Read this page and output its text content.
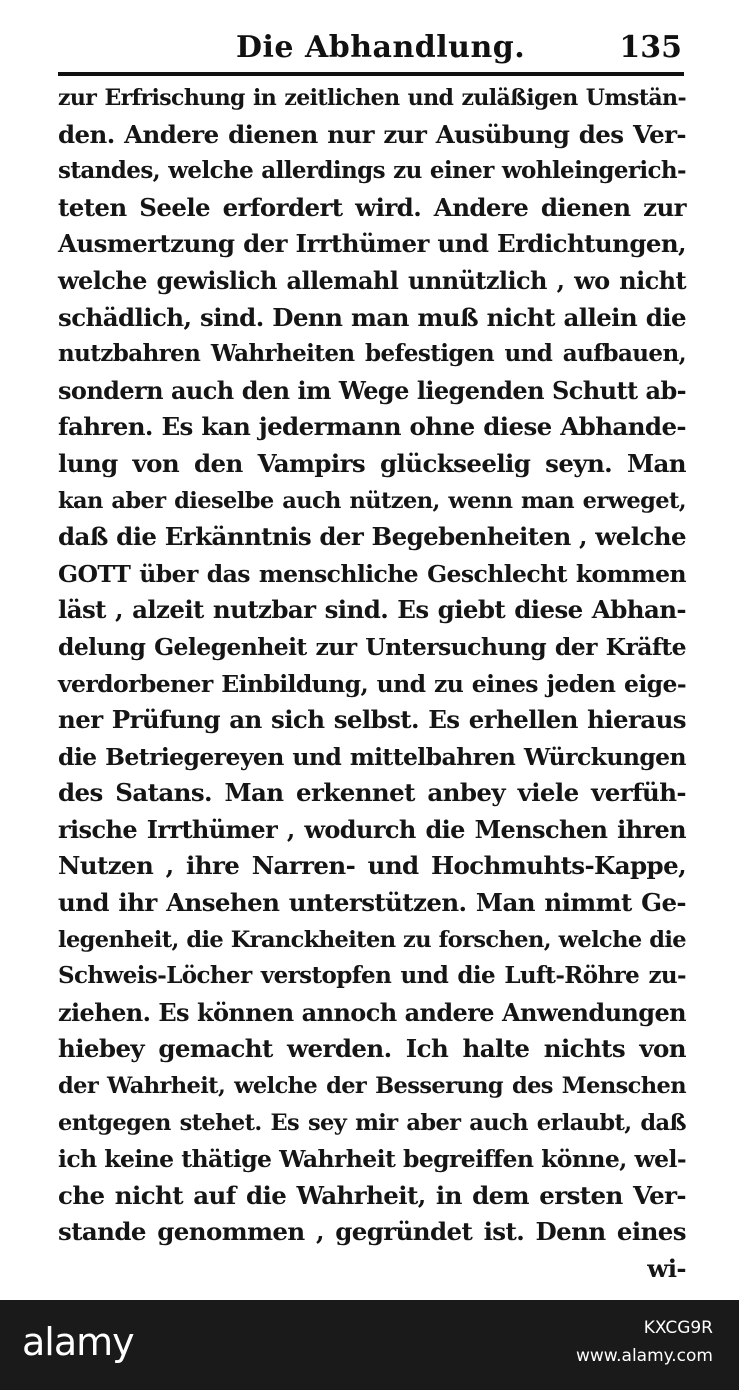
Die Abhandlung.	135
zur Erfrischung in zeitlichen und zuläßigen Umstän-
den. Andere dienen nur zur Ausübung des Ver-
standes, welche allerdings zu einer wohleingerich-
teten Seele erfordert wird. Andere dienen zur
Ausmertzung der Irrthümer und Erdichtungen,
welche gewislich allemahl unnützlich , wo nicht
schädlich, sind. Denn man muß nicht allein die
nutzbahren Wahrheiten befestigen und aufbauen,
sondern auch den im Wege liegenden Schutt ab-
fahren. Es kan jedermann ohne diese Abhande-
lung von den Vampirs glückseelig seyn. Man
kan aber dieselbe auch nützen, wenn man erweget,
daß die Erkänntnis der Begebenheiten , welche
GOTT über das menschliche Geschlecht kommen
läst , alzeit nutzbar sind. Es giebt diese Abhan-
delung Gelegenheit zur Untersuchung der Kräfte
verdorbener Einbildung, und zu eines jeden eige-
ner Prüfung an sich selbst. Es erhellen hieraus
die Betriegereyen und mittelbahren Würckungen
des Satans. Man erkennet anbey viele verfüh-
rische Irrthümer , wodurch die Menschen ihren
Nutzen , ihre Narren- und Hochmuhts-Kappe,
und ihr Ansehen unterstützen. Man nimmt Ge-
legenheit, die Kranckheiten zu forschen, welche die
Schweis-Löcher verstopfen und die Luft-Röhre zu-
ziehen. Es können annoch andere Anwendungen
hiebey gemacht werden. Ich halte nichts von
der Wahrheit, welche der Besserung des Menschen
entgegen stehet. Es sey mir aber auch erlaubt, daß
ich keine thätige Wahrheit begreiffen könne, wel-
che nicht auf die Wahrheit, in dem ersten Ver-
stande genommen , gegründet ist. Denn eines
wi-
alamy	KXCG9R
www.alamy.com
